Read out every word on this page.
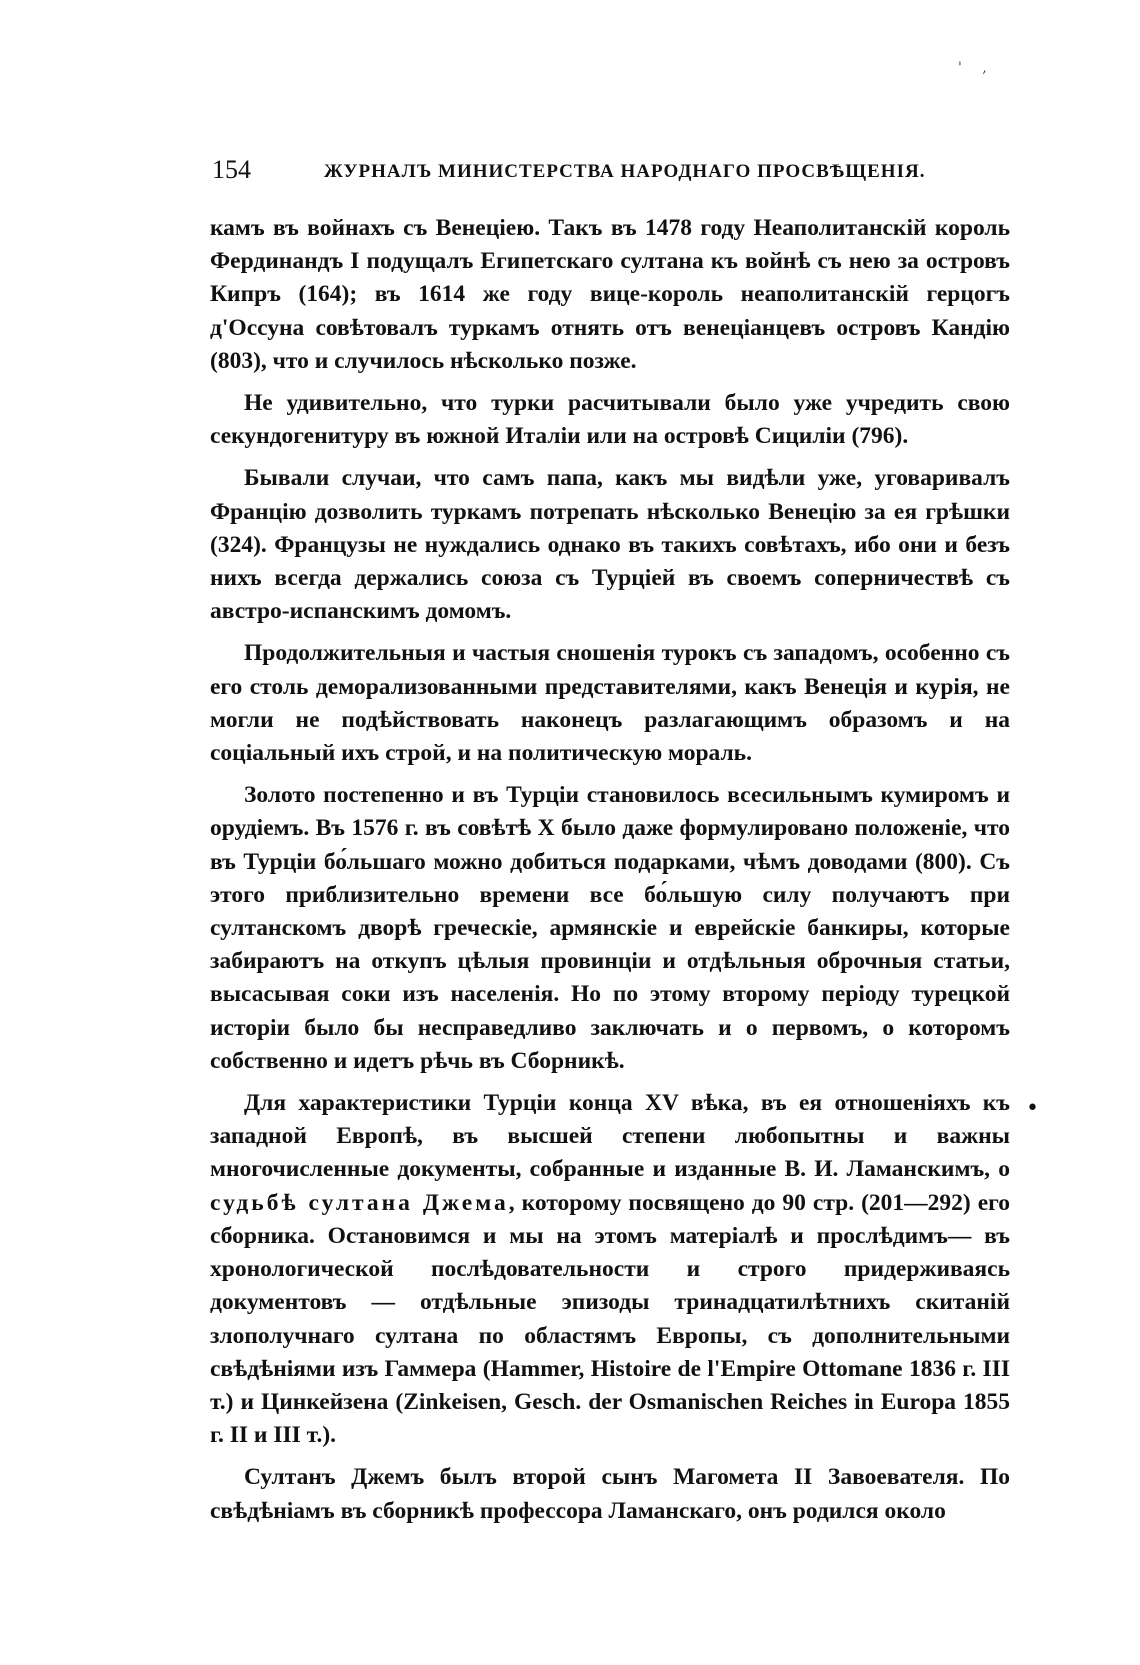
' ,
154	ЖУРНАЛЪ МИНИСТЕРСТВА НАРОДНАГО ПРОСВѢЩЕНІЯ.

камъ въ войнахъ съ Венеціею. Такъ въ 1478 году Неаполитанскій король Фердинандъ I подущалъ Египетскаго султана къ войнѣ съ нею за островъ Кипръ (164); въ 1614 же году вице-король неаполитанскій герцогъ д'Оссуна совѣтовалъ туркамъ отнять отъ венеціанцевъ островъ Кандію (803), что и случилось нѣсколько позже.

Не удивительно, что турки расчитывали было уже учредить свою секундогенитуру въ южной Италіи или на островѣ Сициліи (796).

Бывали случаи, что самъ папа, какъ мы видѣли уже, уговаривалъ Францію дозволить туркамъ потрепать нѣсколько Венецію за ея грѣшки (324). Французы не нуждались однако въ такихъ совѣтахъ, ибо они и безъ нихъ всегда держались союза съ Турціей въ своемъ соперничествѣ съ австро-испанскимъ домомъ.

Продолжительныя и частыя сношенія турокъ съ западомъ, особенно съ его столь деморализованными представителями, какъ Венеція и курія, не могли не подѣйствовать наконецъ разлагающимъ образомъ и на соціальный ихъ строй, и на политическую мораль.

Золото постепенно и въ Турціи становилось всесильнымъ кумиромъ и орудіемъ. Въ 1576 г. въ совѣтѣ X было даже формулировано положеніе, что въ Турціи бо́льшаго можно добиться подарками, чѣмъ доводами (800). Съ этого приблизительно времени все бо́льшую силу получаютъ при султанскомъ дворѣ греческіе, армянскіе и еврейскіе банкиры, которые забираютъ на откупъ цѣлыя провинціи и отдѣльныя оброчныя статьи, высасывая соки изъ населенія. Но по этому второму періоду турецкой исторіи было бы несправедливо заключать и о первомъ, о которомъ собственно и идетъ рѣчь въ Сборникѣ.

Для характеристики Турціи конца XV вѣка, въ ея отношеніяхъ къ западной Европѣ, въ высшей степени любопытны и важны многочисленные документы, собранные и изданные В. И. Ламанскимъ, о судьбѣ султана Джема, которому посвящено до 90 стр. (201—292) его сборника. Остановимся и мы на этомъ матеріалѣ и прослѣдимъ— въ хронологической послѣдовательности и строго придерживаясь документовъ — отдѣльные эпизоды тринадцатилѣтнихъ скитаній злополучнаго султана по областямъ Европы, съ дополнительными свѣдѣніями изъ Гаммера (Hammer, Histoire de l'Empire Ottomane 1836 г. III т.) и Цинкейзена (Zinkeisen, Gesch. der Osmanischen Reiches in Europa 1855 г. II и III т.).

Султанъ Джемъ былъ второй сынъ Магомета II Завоевателя. По свѣдѣніамъ въ сборникѣ профессора Ламанскаго, онъ родился около

•
